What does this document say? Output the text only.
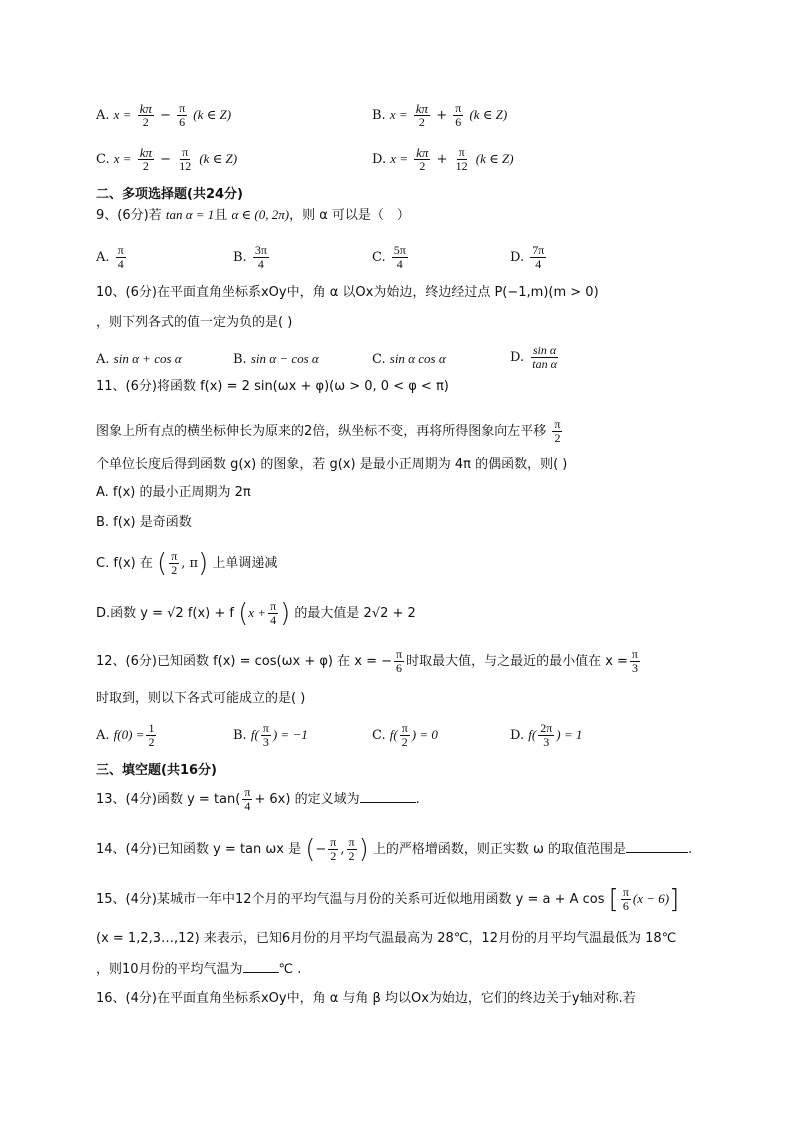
A. $x = \frac{k\pi}{2} - \frac{\pi}{6} (k$ ∈ Z)	B. $x = \frac{k\pi}{2} + \frac{\pi}{6} (k$ ∈ Z)
C. $x = \frac{k\pi}{2} - \frac{\pi}{12} (k$ ∈ Z)	D. $x = \frac{k\pi}{2} + \frac{\pi}{12} (k$ ∈ Z)
二、多项选择题(共24分)
9、(6分)若 tan α = 1且 α ∈ (0, 2π)，则 α 可以是（　）
A. $\frac{\pi}{4}$	B. $\frac{3\pi}{4}$	C. $\frac{5\pi}{4}$	D. $\frac{7\pi}{4}$
10、(6分)在平面直角坐标系xOy中，角 α 以Ox为始边，终边经过点 P(−1,m)(m > 0)
，则下列各式的值一定为负的是( )
A. sin α + cos α	B. sin α − cos α	C. sin α cos α	D. $\frac{\text{sin α}}{\text{tan α}}$
11、(6分)将函数 f(x) = 2 sin(ωx + φ)(ω > 0, 0 < φ < π)
图象上所有点的横坐标伸长为原来的2倍，纵坐标不变，再将所得图象向左平移 $\frac{\pi}{2}$
个单位长度后得到函数 g(x) 的图象，若 g(x) 是最小正周期为 4π 的偶函数，则( )
A. f(x) 的最小正周期为 2π
B. f(x) 是奇函数
C. f(x) 在 ( $\frac{\pi}{2}$ , π) 上单调递减
D.函数 y = √2 f(x) + f ($x + \frac{\pi}{4}$ ) 的最大值是 2√2 + 2
12、(6分)已知函数 f(x) = cos(ωx + φ) 在 x = − $\frac{\pi}{6}$ 时取最大值，与之最近的最小值在 $x = \frac{\pi}{3}$
时取到，则以下各式可能成立的是( )
A. $f(0) = \frac{1}{2}$	B. $f( \frac{\pi}{3}$ ) = −1	C. $f( \frac{\pi}{2}$ ) = 0	D. $f( \frac{2\pi}{3}$ ) = 1
三、填空题(共16分)
13、(4分)函数 $y = \tan( \frac{\pi}{4} + 6x)$ 的定义域为	.
14、(4分)已知函数 y = tan ωx 是 (− $\frac{\pi}{2}$ , $\frac{\pi}{2}$ ) 上的严格增函数，则正实数 ω 的取值范围是	.
15、(4分)某城市一年中12个月的平均气温与月份的关系可近似地用函数 y = a + A cos [ $\frac{\pi}{6} (x - 6)$]
(x = 1,2,3…,12) 来表示，已知6月份的月平均气温最高为 28℃，12月份的月平均气温最低为 18℃
，则10月份的平均气温为	℃ .
16、(4分)在平面直角坐标系xOy中，角 α 与角 β 均以Ox为始边，它们的终边关于y轴对称.若
